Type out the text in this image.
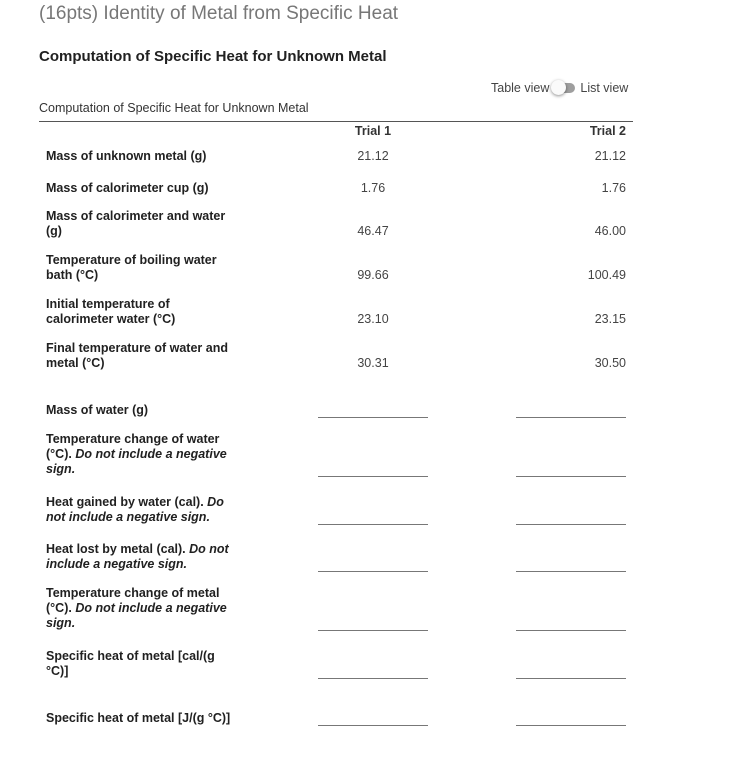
(16pts) Identity of Metal from Specific Heat
Computation of Specific Heat for Unknown Metal
Table view List view
Computation of Specific Heat for Unknown Metal
Trial 1	Trial 2
Mass of unknown metal (g)	21.12	21.12
Mass of calorimeter cup (g)	1.76	1.76
Mass of calorimeter and water (g)	46.47	46.00
Temperature of boiling water bath (°C)	99.66	100.49
Initial temperature of calorimeter water (°C)	23.10	23.15
Final temperature of water and metal (°C)	30.31	30.50
Mass of water (g)
Temperature change of water (°C). Do not include a negative sign.
Heat gained by water (cal). Do not include a negative sign.
Heat lost by metal (cal). Do not include a negative sign.
Temperature change of metal (°C). Do not include a negative sign.
Specific heat of metal [cal/(g °C)]
Specific heat of metal [J/(g °C)]
